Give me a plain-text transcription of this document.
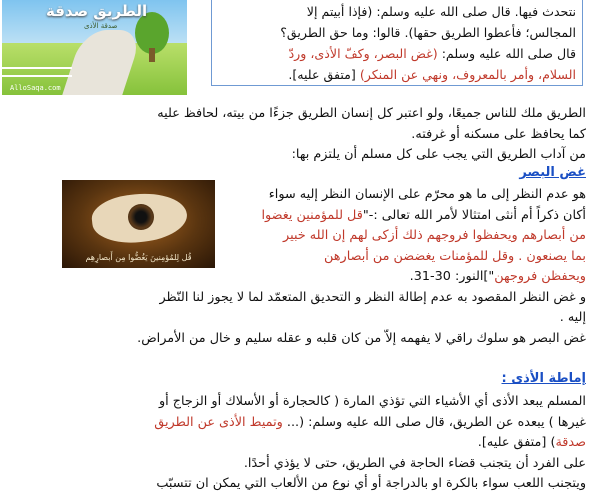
الطريق صدقة
صدقة الأذى
AlloSaqa.com
نتحدث فيها. قال صلى الله عليه وسلم: (فإذا أبيتم إلا
المجالس؛ فأعطوا الطريق حقها). قالوا: وما حق الطريق؟
قال صلى الله عليه وسلم: (غض البصر، وكفّ الأذى، وردّ
السلام، وأمر بالمعروف، ونهي عن المنكر) [متفق عليه].
الطريق ملك للناس جميعًا، ولو اعتبر كل إنسان الطريق جزءًا من بيته، لحافظ عليه
كما يحافظ على مسكنه أو غرفته.
من آداب الطريق التي يجب على كل مسلم أن يلتزم بها:
غض البصر
قُل لِلمُؤمِنينَ يَغُضُّوا مِن أَبصارِهِم
هو عدم النظر إلى ما هو محرّم على الإنسان النظر إليه سواء
أكان ذكراً أم أنثى امتثالا لأمر الله تعالى :-"قل للمؤمنين يغضوا
من أبصارهم ويحفظوا فروجهم ذلك أزكى لهم إن الله خبير
بما يصنعون . وقل للمؤمنات يغضضن من أبصارهن
ويحفظن فروجهن"]النور: 30-31.
و غض النظر المقصود به عدم إطالة النظر و التحديق المتعمّد لما لا يجوز لنا النّظر
إليه .
غض البصر هو سلوك راقي لا يفهمه إلاّ من كان قلبه و عقله سليم و خال من الأمراض.
إماطة الأذى :
المسلم يبعد الأذى أي الأشياء التي تؤذي المارة ( كالحجارة أو الأسلاك أو الزجاج أو
غيرها ) يبعده عن الطريق، قال صلى الله عليه وسلم: (... وتميط الأذى عن الطريق
صدقة) [متفق عليه].
على الفرد أن يتجنب قضاء الحاجة في الطريق، حتى لا يؤذي أحدًا.
ويتجنب اللعب سواء بالكرة او بالدراجة أو أي نوع من الألعاب التي يمكن ان تتسبّب
